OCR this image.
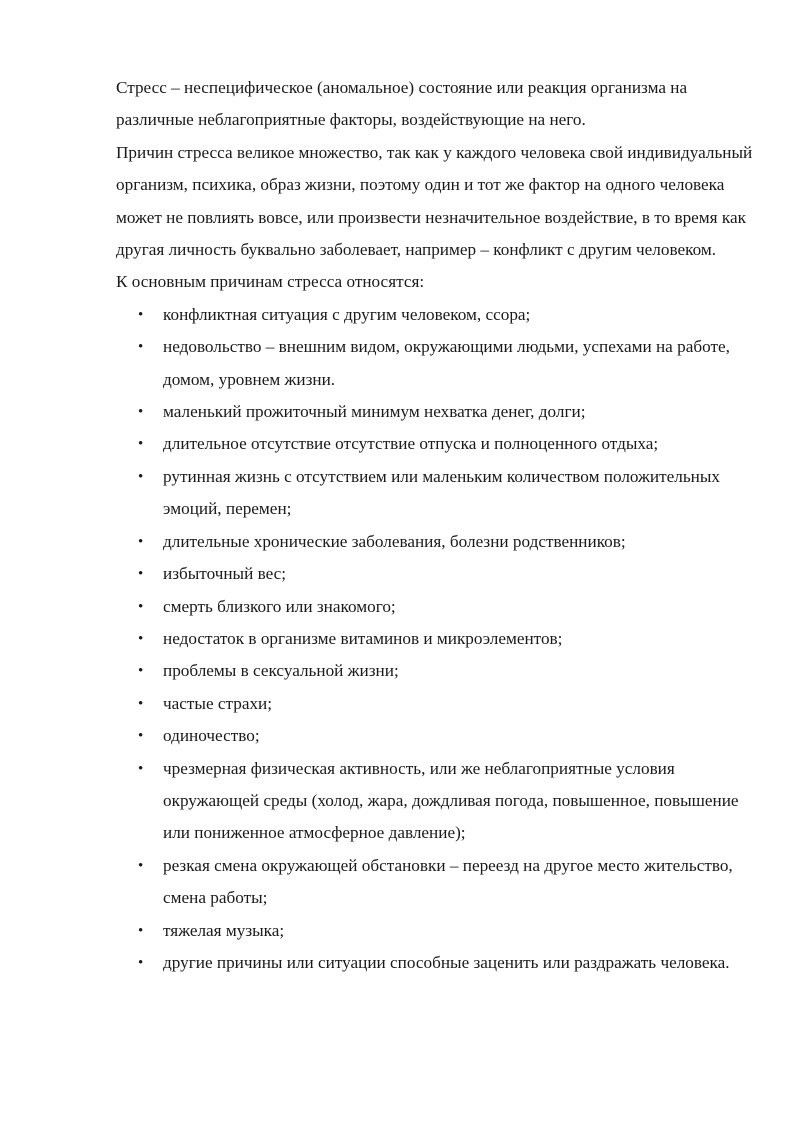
Стресс – неспецифическое (аномальное) состояние или реакция организма на различные неблагоприятные факторы, воздействующие на него.

Причин стресса великое множество, так как у каждого человека свой индивидуальный организм, психика, образ жизни, поэтому один и тот же фактор на одного человека может не повлиять вовсе, или произвести незначительное воздействие, в то время как другая личность буквально заболевает, например – конфликт с другим человеком.

К основным причинам стресса относятся:

• конфликтная ситуация с другим человеком, ссора;
• недовольство – внешним видом, окружающими людьми, успехами на работе, домом, уровнем жизни.
• маленький прожиточный минимум нехватка денег, долги;
• длительное отсутствие отсутствие отпуска и полноценного отдыха;
• рутинная жизнь с отсутствием или маленьким количеством положительных эмоций, перемен;
• длительные хронические заболевания, болезни родственников;
• избыточный вес;
• смерть близкого или знакомого;
• недостаток в организме витаминов и микроэлементов;
• проблемы в сексуальной жизни;
• частые страхи;
• одиночество;
• чрезмерная физическая активность, или же неблагоприятные условия окружающей среды (холод, жара, дождливая погода, повышенное, повышение или пониженное атмосферное давление);
• резкая смена окружающей обстановки – переезд на другое место жительство, смена работы;
• тяжелая музыка;
• другие причины или ситуации способные заценить или раздражать человека.
